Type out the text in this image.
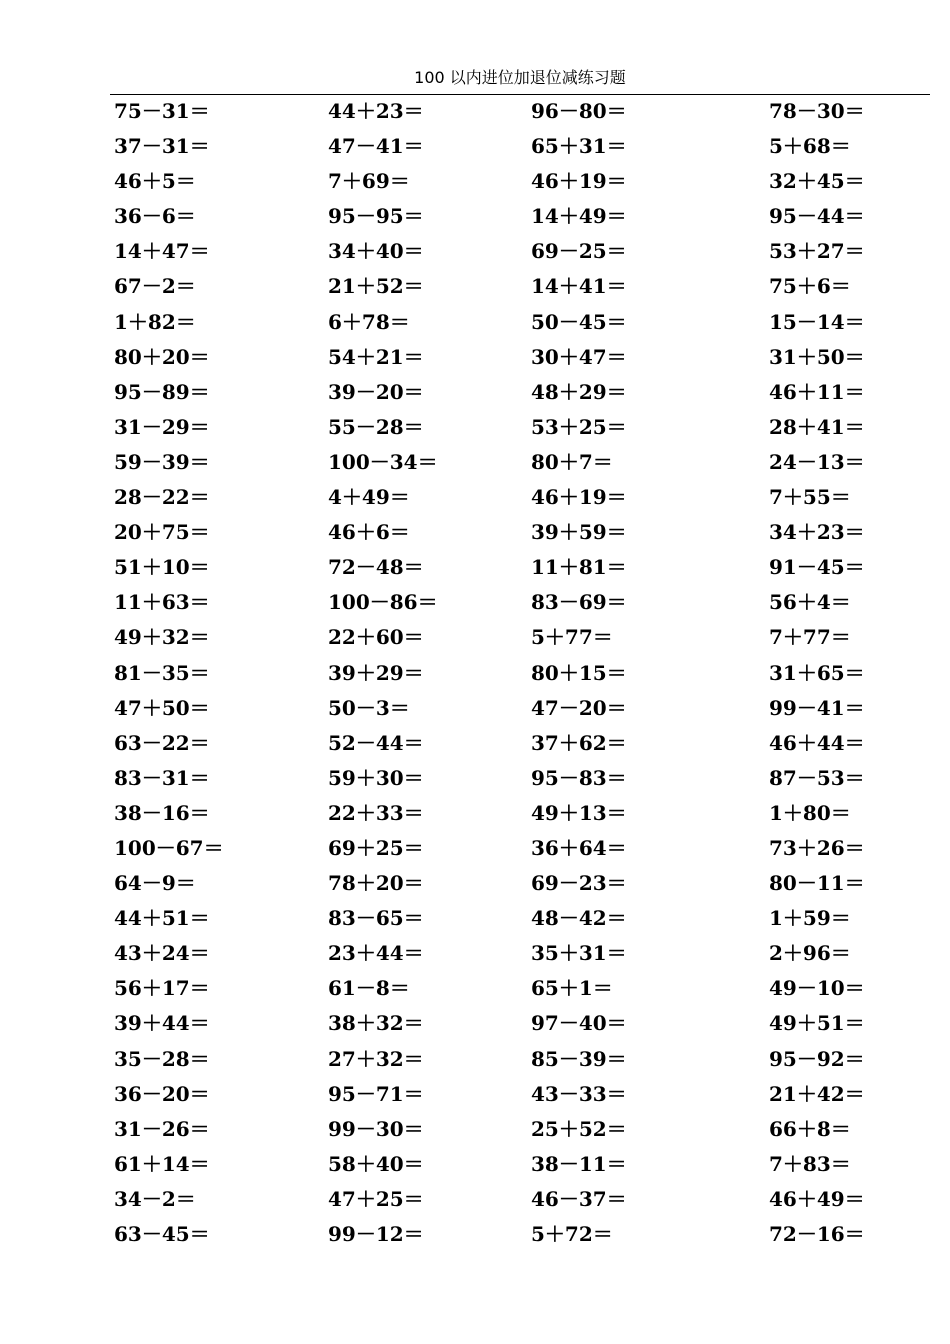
100 以内进位加退位减练习题
75－31＝	44＋23＝	96－80＝	78－30＝
37－31＝	47－41＝	65＋31＝	5＋68＝
46＋5＝	7＋69＝	46＋19＝	32＋45＝
36－6＝	95－95＝	14＋49＝	95－44＝
14＋47＝	34＋40＝	69－25＝	53＋27＝
67－2＝	21＋52＝	14＋41＝	75＋6＝
1＋82＝	6＋78＝	50－45＝	15－14＝
80＋20＝	54＋21＝	30＋47＝	31＋50＝
95－89＝	39－20＝	48＋29＝	46＋11＝
31－29＝	55－28＝	53＋25＝	28＋41＝
59－39＝	100－34＝	80＋7＝	24－13＝
28－22＝	4＋49＝	46＋19＝	7＋55＝
20＋75＝	46＋6＝	39＋59＝	34＋23＝
51＋10＝	72－48＝	11＋81＝	91－45＝
11＋63＝	100－86＝	83－69＝	56＋4＝
49＋32＝	22＋60＝	5＋77＝	7＋77＝
81－35＝	39＋29＝	80＋15＝	31＋65＝
47＋50＝	50－3＝	47－20＝	99－41＝
63－22＝	52－44＝	37＋62＝	46＋44＝
83－31＝	59＋30＝	95－83＝	87－53＝
38－16＝	22＋33＝	49＋13＝	1＋80＝
100－67＝	69＋25＝	36＋64＝	73＋26＝
64－9＝	78＋20＝	69－23＝	80－11＝
44＋51＝	83－65＝	48－42＝	1＋59＝
43＋24＝	23＋44＝	35＋31＝	2＋96＝
56＋17＝	61－8＝	65＋1＝	49－10＝
39＋44＝	38＋32＝	97－40＝	49＋51＝
35－28＝	27＋32＝	85－39＝	95－92＝
36－20＝	95－71＝	43－33＝	21＋42＝
31－26＝	99－30＝	25＋52＝	66＋8＝
61＋14＝	58＋40＝	38－11＝	7＋83＝
34－2＝	47＋25＝	46－37＝	46＋49＝
63－45＝	99－12＝	5＋72＝	72－16＝
